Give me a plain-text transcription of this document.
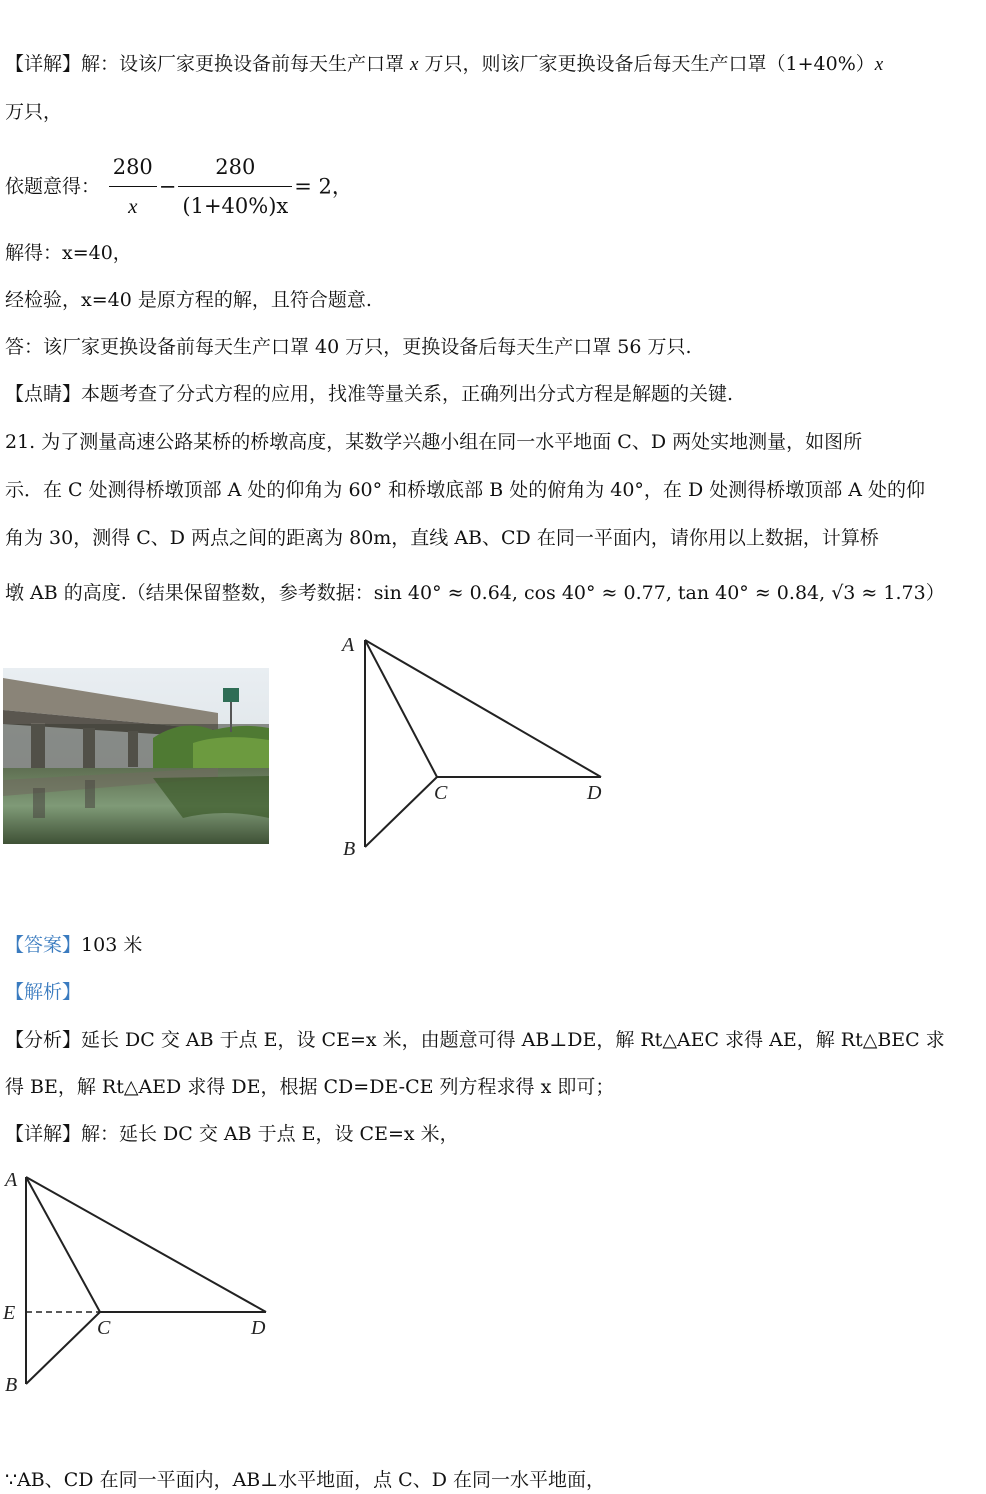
【详解】解：设该厂家更换设备前每天生产口罩 x 万只，则该厂家更换设备后每天生产口罩（1+40%）x
万只，
依题意得： $\frac{280}{x} - \frac{280}{(1+40\%)x} = 2$，
解得：x=40，
经检验，x=40 是原方程的解，且符合题意.
答：该厂家更换设备前每天生产口罩 40 万只，更换设备后每天生产口罩 56 万只.
【点睛】本题考查了分式方程的应用，找准等量关系，正确列出分式方程是解题的关键.
21. 为了测量高速公路某桥的桥墩高度，某数学兴趣小组在同一水平地面 C、D 两处实地测量，如图所
示．在 C 处测得桥墩顶部 A 处的仰角为 60° 和桥墩底部 B 处的俯角为 40°，在 D 处测得桥墩顶部 A 处的仰
角为 30，测得 C、D 两点之间的距离为 80m，直线 AB、CD 在同一平面内，请你用以上数据，计算桥
墩 AB 的高度.（结果保留整数，参考数据：sin 40° ≈ 0.64, cos 40° ≈ 0.77, tan 40° ≈ 0.84, √3 ≈ 1.73）
A
C	D
B
【答案】103 米
【解析】
【分析】延长 DC 交 AB 于点 E，设 CE=x 米，由题意可得 AB⊥DE，解 Rt△AEC 求得 AE，解 Rt△BEC 求
得 BE，解 Rt△AED 求得 DE，根据 CD=DE-CE 列方程求得 x 即可；
【详解】解：延长 DC 交 AB 于点 E，设 CE=x 米，
A
E
C	D
B
∵AB、CD 在同一平面内，AB⊥水平地面，点 C、D 在同一水平地面，
